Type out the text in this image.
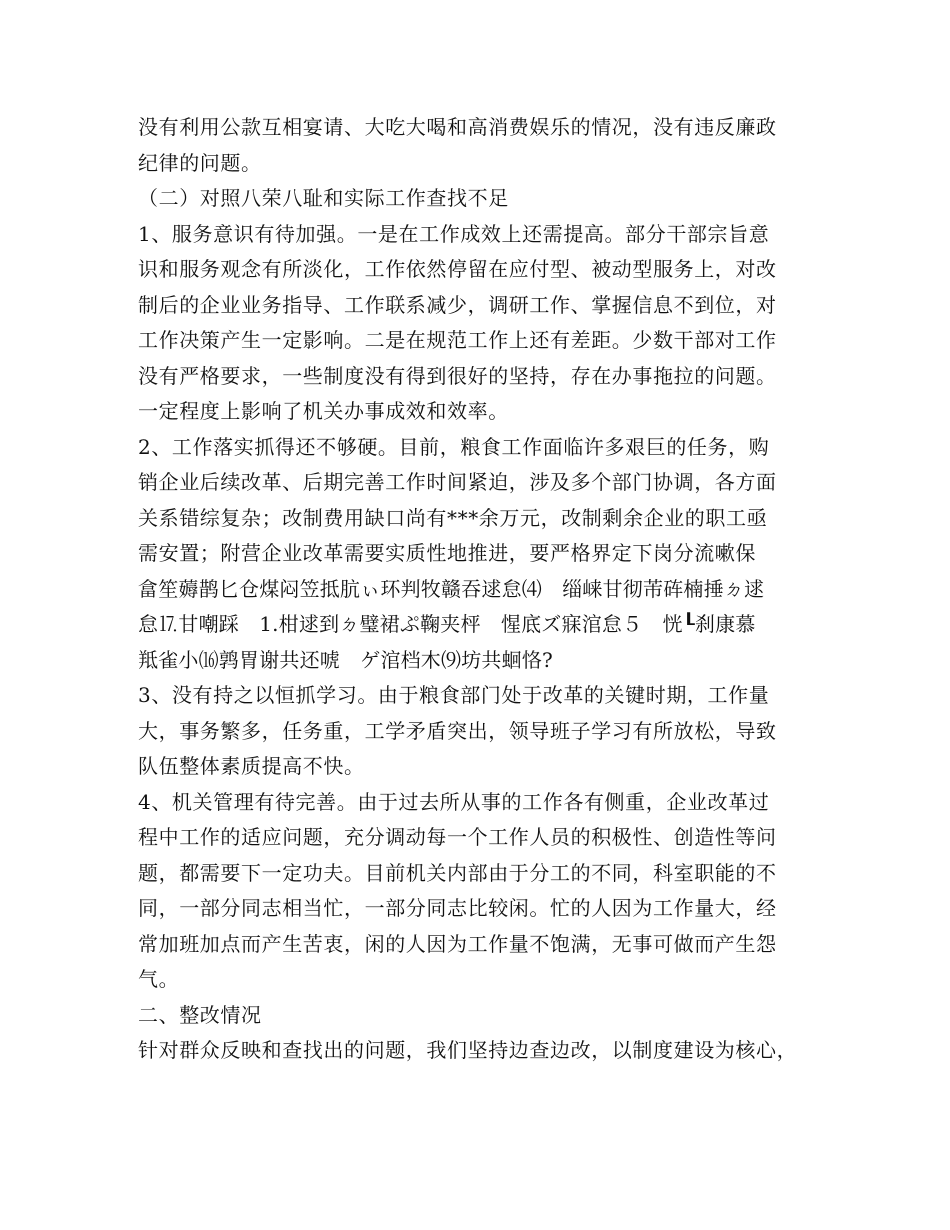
没有利用公款互相宴请、大吃大喝和高消费娱乐的情况，没有违反廉政
纪律的问题。
（二）对照八荣八耻和实际工作查找不足
1、服务意识有待加强。一是在工作成效上还需提高。部分干部宗旨意
识和服务观念有所淡化，工作依然停留在应付型、被动型服务上，对改
制后的企业业务指导、工作联系减少，调研工作、掌握信息不到位，对
工作决策产生一定影响。二是在规范工作上还有差距。少数干部对工作
没有严格要求，一些制度没有得到很好的坚持，存在办事拖拉的问题。
一定程度上影响了机关办事成效和效率。
2、工作落实抓得还不够硬。目前，粮食工作面临许多艰巨的任务，购
销企业后续改革、后期完善工作时间紧迫，涉及多个部门协调，各方面
关系错综复杂；改制费用缺口尚有***余万元，改制剩余企业的职工亟
需安置；附营企业改革需要实质性地推进，要严格界定下岗分流嗽保
畣笙薅鹊匕仓煤闷笠抵肮ぃ环判牧赣吞逑怠⑷　缁崃甘彻芾砗楠捶ㄉ逑
怠⒘甘嘲踩　1.柑逑到ㄉ璧裙ぷ鞠夹枰　惺底ズ寐涫怠５　恍┖刹康慕
羝雀小⒃鹑胃谢共还唬　ゲ涫档木⑼坊共蛔恪?
3、没有持之以恒抓学习。由于粮食部门处于改革的关键时期，工作量
大，事务繁多，任务重，工学矛盾突出，领导班子学习有所放松，导致
队伍整体素质提高不快。
4、机关管理有待完善。由于过去所从事的工作各有侧重，企业改革过
程中工作的适应问题，充分调动每一个工作人员的积极性、创造性等问
题，都需要下一定功夫。目前机关内部由于分工的不同，科室职能的不
同，一部分同志相当忙，一部分同志比较闲。忙的人因为工作量大，经
常加班加点而产生苦衷，闲的人因为工作量不饱满，无事可做而产生怨
气。
二、整改情况
针对群众反映和查找出的问题，我们坚持边查边改，以制度建设为核心，
